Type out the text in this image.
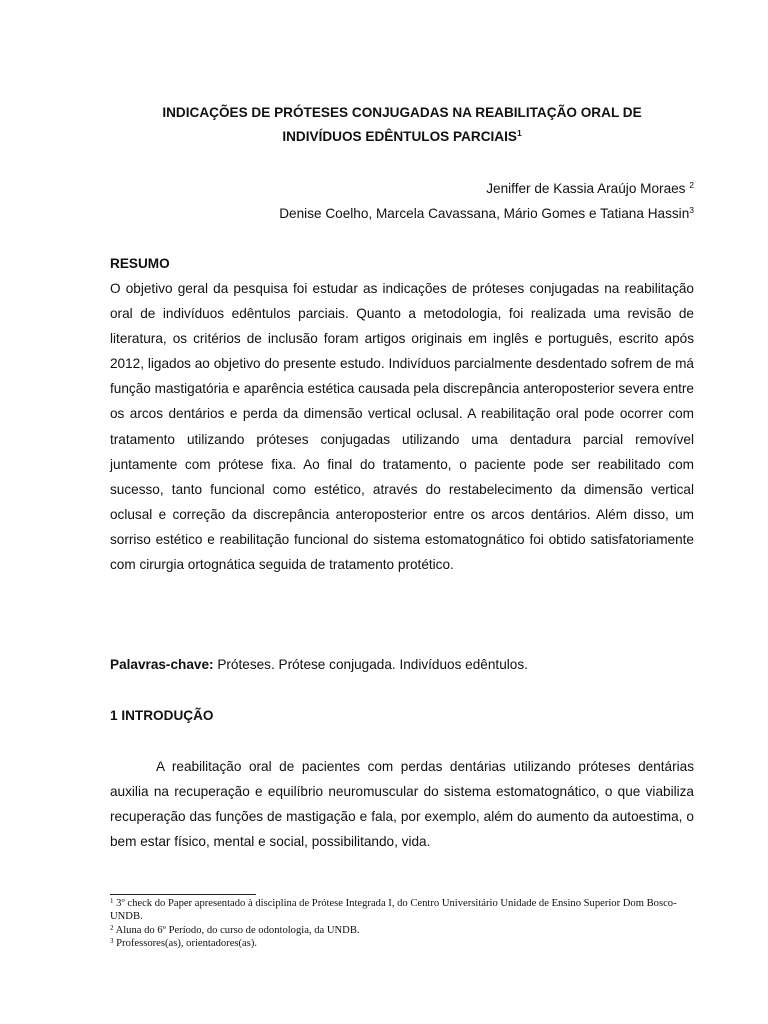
INDICAÇÕES DE PRÓTESES CONJUGADAS NA REABILITAÇÃO ORAL DE
INDIVÍDUOS EDÊNTULOS PARCIAIS$^1$
Jeniffer de Kassia Araújo Moraes $^2$
Denise Coelho, Marcela Cavassana, Mário Gomes e Tatiana Hassin$^3$
RESUMO
O objetivo geral da pesquisa foi estudar as indicações de próteses conjugadas na reabilitação oral de indivíduos edêntulos parciais. Quanto a metodologia, foi realizada uma revisão de literatura, os critérios de inclusão foram artigos originais em inglês e português, escrito após 2012, ligados ao objetivo do presente estudo. Indivíduos parcialmente desdentado sofrem de má função mastigatória e aparência estética causada pela discrepância anteroposterior severa entre os arcos dentários e perda da dimensão vertical oclusal. A reabilitação oral pode ocorrer com tratamento utilizando próteses conjugadas utilizando uma dentadura parcial removível juntamente com prótese fixa. Ao final do tratamento, o paciente pode ser reabilitado com sucesso, tanto funcional como estético, através do restabelecimento da dimensão vertical oclusal e correção da discrepância anteroposterior entre os arcos dentários. Além disso, um sorriso estético e reabilitação funcional do sistema estomatognático foi obtido satisfatoriamente com cirurgia ortognática seguida de tratamento protético.
Palavras-chave: Próteses. Prótese conjugada. Indivíduos edêntulos.
1 INTRODUÇÃO
A reabilitação oral de pacientes com perdas dentárias utilizando próteses dentárias auxilia na recuperação e equilíbrio neuromuscular do sistema estomatognático, o que viabiliza recuperação das funções de mastigação e fala, por exemplo, além do aumento da autoestima, o bem estar físico, mental e social, possibilitando, vida.

$^1$ 3º check do Paper apresentado à disciplina de Prótese Integrada I, do Centro Universitário Unidade de Ensino Superior Dom Bosco- UNDB.

$^2$ Aluna do 6º Período, do curso de odontologia, da UNDB.

$^3$ Professores(as), orientadores(as).
